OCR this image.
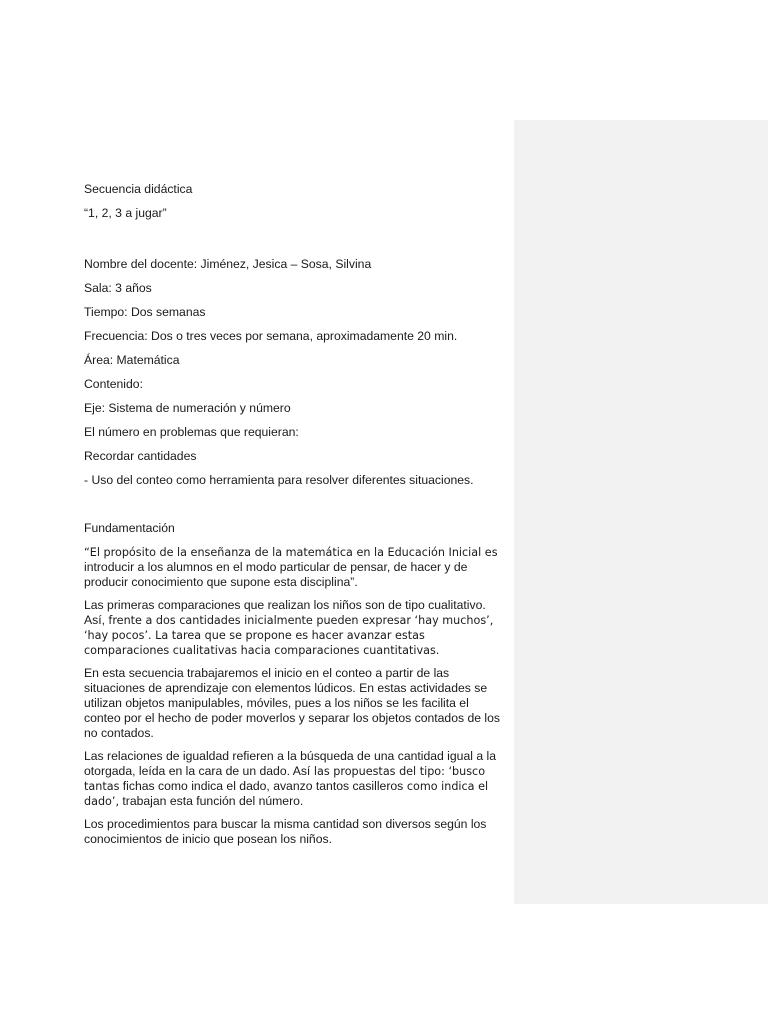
Secuencia didáctica

“1, 2, 3 a jugar”

Nombre del docente: Jiménez, Jesica – Sosa, Silvina

Sala: 3 años

Tiempo: Dos semanas

Frecuencia: Dos o tres veces por semana, aproximadamente 20 min.

Área: Matemática

Contenido:

Eje: Sistema de numeración y número

El número en problemas que requieran:

Recordar cantidades

- Uso del conteo como herramienta para resolver diferentes situaciones.

Fundamentación

“El propósito de la enseñanza de la matemática en la Educación Inicial es introducir a los alumnos en el modo particular de pensar, de hacer y de producir conocimiento que supone esta disciplina”.

Las primeras comparaciones que realizan los niños son de tipo cualitativo. Así, frente a dos cantidades inicialmente pueden expresar ‘hay muchos’, ‘hay pocos’. La tarea que se propone es hacer avanzar estas comparaciones cualitativas hacia comparaciones cuantitativas.

En esta secuencia trabajaremos el inicio en el conteo a partir de las situaciones de aprendizaje con elementos lúdicos. En estas actividades se utilizan objetos manipulables, móviles, pues a los niños se les facilita el conteo por el hecho de poder moverlos y separar los objetos contados de los no contados.

Las relaciones de igualdad refieren a la búsqueda de una cantidad igual a la otorgada, leída en la cara de un dado. Así las propuestas del tipo: ‘busco tantas fichas como indica el dado, avanzo tantos casilleros como indica el dado’, trabajan esta función del número.

Los procedimientos para buscar la misma cantidad son diversos según los conocimientos de inicio que posean los niños.
